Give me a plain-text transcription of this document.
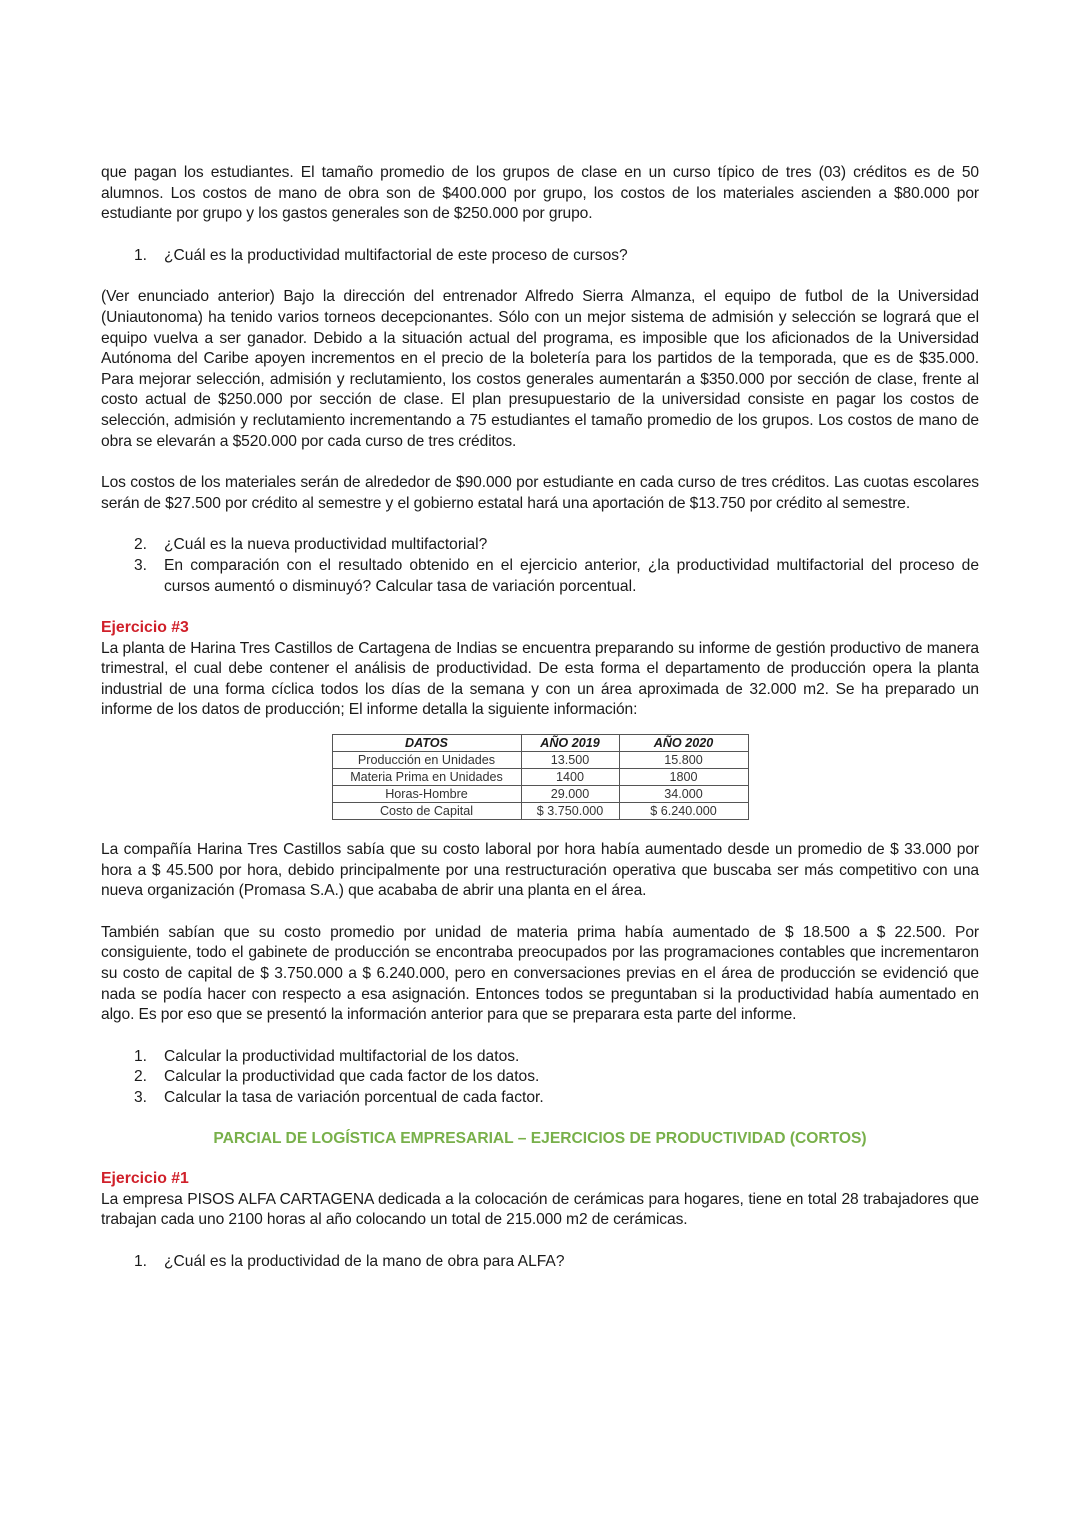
que pagan los estudiantes. El tamaño promedio de los grupos de clase en un curso típico de tres (03) créditos es de 50 alumnos. Los costos de mano de obra son de $400.000 por grupo, los costos de los materiales ascienden a $80.000 por estudiante por grupo y los gastos generales son de $250.000 por grupo.

1. ¿Cuál es la productividad multifactorial de este proceso de cursos?

(Ver enunciado anterior) Bajo la dirección del entrenador Alfredo Sierra Almanza, el equipo de futbol de la Universidad (Uniautonoma) ha tenido varios torneos decepcionantes. Sólo con un mejor sistema de admisión y selección se logrará que el equipo vuelva a ser ganador. Debido a la situación actual del programa, es imposible que los aficionados de la Universidad Autónoma del Caribe apoyen incrementos en el precio de la boletería para los partidos de la temporada, que es de $35.000. Para mejorar selección, admisión y reclutamiento, los costos generales aumentarán a $350.000 por sección de clase, frente al costo actual de $250.000 por sección de clase. El plan presupuestario de la universidad consiste en pagar los costos de selección, admisión y reclutamiento incrementando a 75 estudiantes el tamaño promedio de los grupos. Los costos de mano de obra se elevarán a $520.000 por cada curso de tres créditos.

Los costos de los materiales serán de alrededor de $90.000 por estudiante en cada curso de tres créditos. Las cuotas escolares serán de $27.500 por crédito al semestre y el gobierno estatal hará una aportación de $13.750 por crédito al semestre.

2. ¿Cuál es la nueva productividad multifactorial?
3. En comparación con el resultado obtenido en el ejercicio anterior, ¿la productividad multifactorial del proceso de cursos aumentó o disminuyó? Calcular tasa de variación porcentual.

Ejercicio #3

La planta de Harina Tres Castillos de Cartagena de Indias se encuentra preparando su informe de gestión productivo de manera trimestral, el cual debe contener el análisis de productividad. De esta forma el departamento de producción opera la planta industrial de una forma cíclica todos los días de la semana y con un área aproximada de 32.000 m2. Se ha preparado un informe de los datos de producción; El informe detalla la siguiente información:

DATOS	AÑO 2019	AÑO 2020
Producción en Unidades	13.500	15.800
Materia Prima en Unidades	1400	1800
Horas-Hombre	29.000	34.000
Costo de Capital	$ 3.750.000	$ 6.240.000

La compañía Harina Tres Castillos sabía que su costo laboral por hora había aumentado desde un promedio de $ 33.000 por hora a $ 45.500 por hora, debido principalmente por una restructuración operativa que buscaba ser más competitivo con una nueva organización (Promasa S.A.) que acababa de abrir una planta en el área.

También sabían que su costo promedio por unidad de materia prima había aumentado de $ 18.500 a $ 22.500. Por consiguiente, todo el gabinete de producción se encontraba preocupados por las programaciones contables que incrementaron su costo de capital de $ 3.750.000 a $ 6.240.000, pero en conversaciones previas en el área de producción se evidenció que nada se podía hacer con respecto a esa asignación. Entonces todos se preguntaban si la productividad había aumentado en algo. Es por eso que se presentó la información anterior para que se preparara esta parte del informe.

1. Calcular la productividad multifactorial de los datos.
2. Calcular la productividad que cada factor de los datos.
3. Calcular la tasa de variación porcentual de cada factor.

PARCIAL DE LOGÍSTICA EMPRESARIAL – EJERCICIOS DE PRODUCTIVIDAD (CORTOS)

Ejercicio #1

La empresa PISOS ALFA CARTAGENA dedicada a la colocación de cerámicas para hogares, tiene en total 28 trabajadores que trabajan cada uno 2100 horas al año colocando un total de 215.000 m2 de cerámicas.

1. ¿Cuál es la productividad de la mano de obra para ALFA?
